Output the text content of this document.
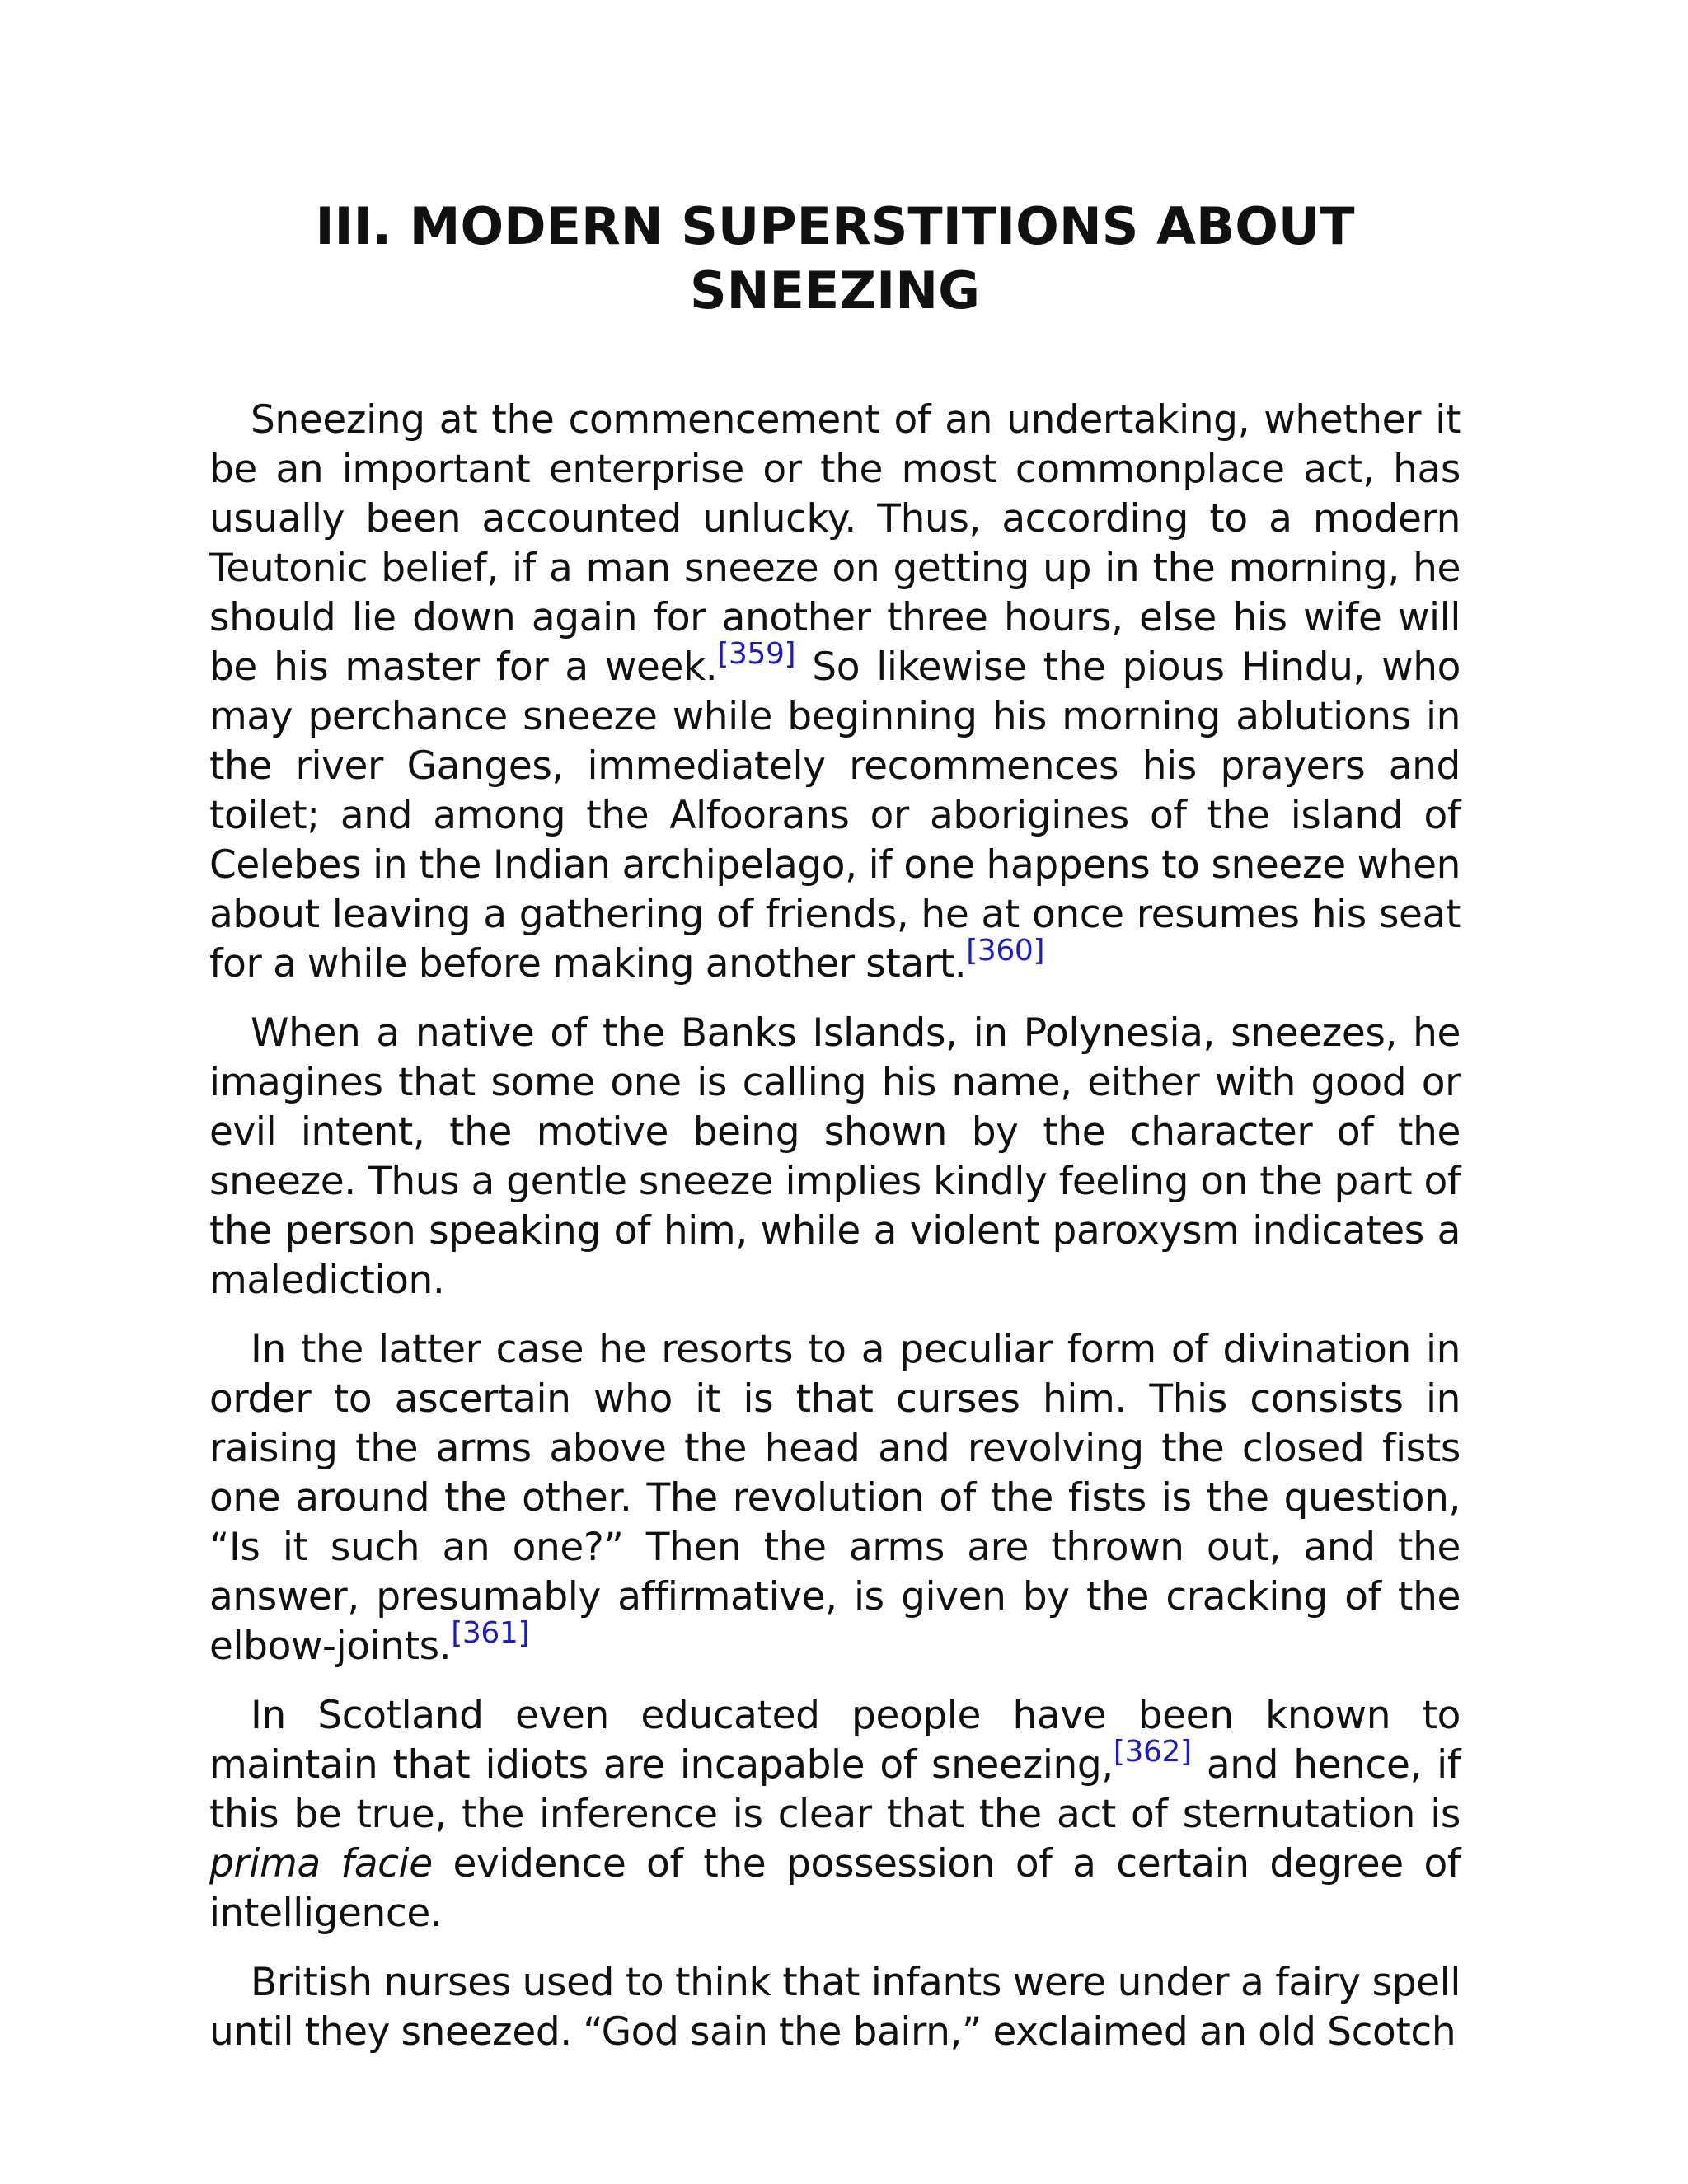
III. MODERN SUPERSTITIONS ABOUT
SNEEZING

Sneezing at the commencement of an undertaking, whether it be an important enterprise or the most commonplace act, has usually been accounted unlucky. Thus, according to a modern Teutonic belief, if a man sneeze on getting up in the morning, he should lie down again for another three hours, else his wife will be his master for a week.[359] So likewise the pious Hindu, who may perchance sneeze while beginning his morning ablutions in the river Ganges, immediately recommences his prayers and toilet; and among the Alfoorans or aborigines of the island of Celebes in the Indian archipelago, if one happens to sneeze when about leaving a gathering of friends, he at once resumes his seat for a while before making another start.[360]

When a native of the Banks Islands, in Polynesia, sneezes, he imagines that some one is calling his name, either with good or evil intent, the motive being shown by the character of the sneeze. Thus a gentle sneeze implies kindly feeling on the part of the person speaking of him, while a violent paroxysm indicates a malediction.

In the latter case he resorts to a peculiar form of divination in order to ascertain who it is that curses him. This consists in raising the arms above the head and revolving the closed fists one around the other. The revolution of the fists is the question, “Is it such an one?” Then the arms are thrown out, and the answer, presumably affirmative, is given by the cracking of the elbow-joints.[361]

In Scotland even educated people have been known to maintain that idiots are incapable of sneezing,[362] and hence, if this be true, the inference is clear that the act of sternutation is prima facie evidence of the possession of a certain degree of intelligence.

British nurses used to think that infants were under a fairy spell until they sneezed. “God sain the bairn,” exclaimed an old Scotch
